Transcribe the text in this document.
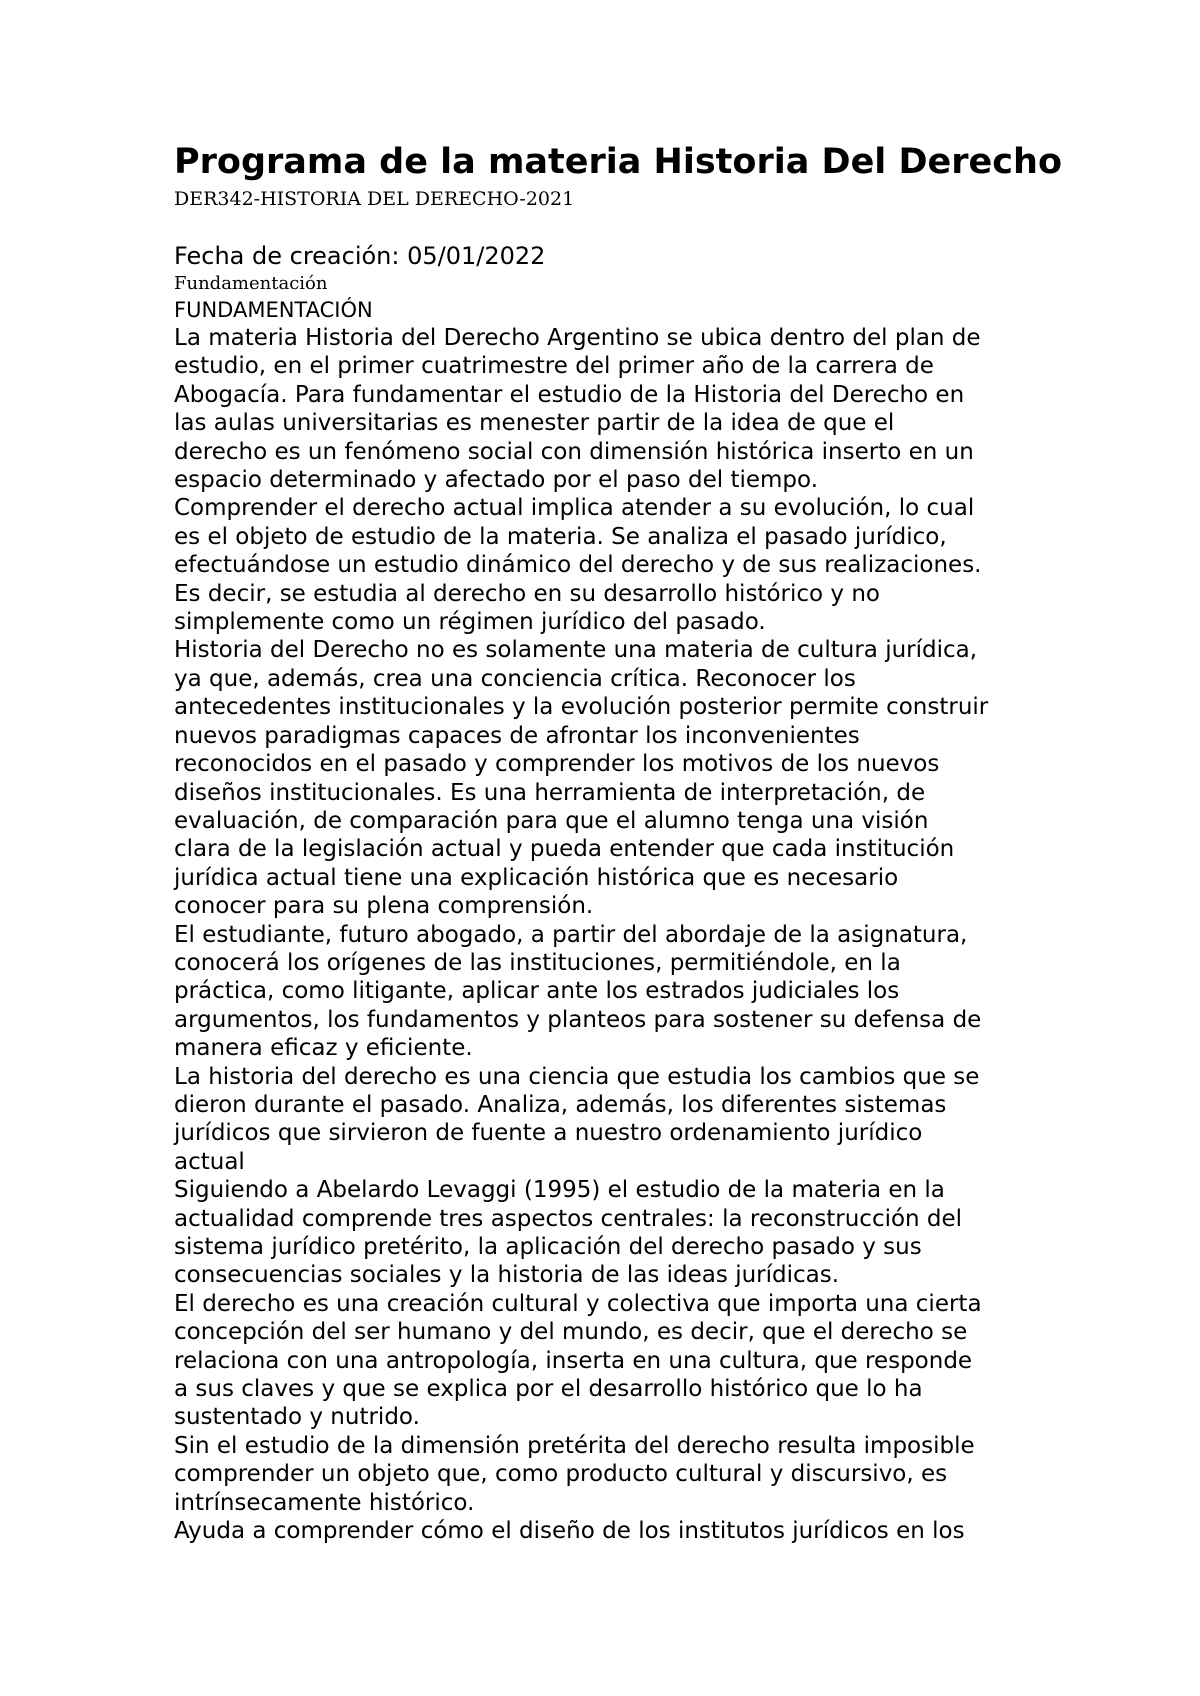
Programa de la materia Historia Del Derecho
DER342-HISTORIA DEL DERECHO-2021
Fecha de creación: 05/01/2022
Fundamentación
FUNDAMENTACIÓN
La materia Historia del Derecho Argentino se ubica dentro del plan de
estudio, en el primer cuatrimestre del primer año de la carrera de
Abogacía. Para fundamentar el estudio de la Historia del Derecho en
las aulas universitarias es menester partir de la idea de que el
derecho es un fenómeno social con dimensión histórica inserto en un
espacio determinado y afectado por el paso del tiempo.
Comprender el derecho actual implica atender a su evolución, lo cual
es el objeto de estudio de la materia. Se analiza el pasado jurídico,
efectuándose un estudio dinámico del derecho y de sus realizaciones.
Es decir, se estudia al derecho en su desarrollo histórico y no
simplemente como un régimen jurídico del pasado.
Historia del Derecho no es solamente una materia de cultura jurídica,
ya que, además, crea una conciencia crítica. Reconocer los
antecedentes institucionales y la evolución posterior permite construir
nuevos paradigmas capaces de afrontar los inconvenientes
reconocidos en el pasado y comprender los motivos de los nuevos
diseños institucionales. Es una herramienta de interpretación, de
evaluación, de comparación para que el alumno tenga una visión
clara de la legislación actual y pueda entender que cada institución
jurídica actual tiene una explicación histórica que es necesario
conocer para su plena comprensión.
El estudiante, futuro abogado, a partir del abordaje de la asignatura,
conocerá los orígenes de las instituciones, permitiéndole, en la
práctica, como litigante, aplicar ante los estrados judiciales los
argumentos, los fundamentos y planteos para sostener su defensa de
manera eficaz y eficiente.
La historia del derecho es una ciencia que estudia los cambios que se
dieron durante el pasado. Analiza, además, los diferentes sistemas
jurídicos que sirvieron de fuente a nuestro ordenamiento jurídico
actual
Siguiendo a Abelardo Levaggi (1995) el estudio de la materia en la
actualidad comprende tres aspectos centrales: la reconstrucción del
sistema jurídico pretérito, la aplicación del derecho pasado y sus
consecuencias sociales y la historia de las ideas jurídicas.
El derecho es una creación cultural y colectiva que importa una cierta
concepción del ser humano y del mundo, es decir, que el derecho se
relaciona con una antropología, inserta en una cultura, que responde
a sus claves y que se explica por el desarrollo histórico que lo ha
sustentado y nutrido.
Sin el estudio de la dimensión pretérita del derecho resulta imposible
comprender un objeto que, como producto cultural y discursivo, es
intrínsecamente histórico.
Ayuda a comprender cómo el diseño de los institutos jurídicos en los
